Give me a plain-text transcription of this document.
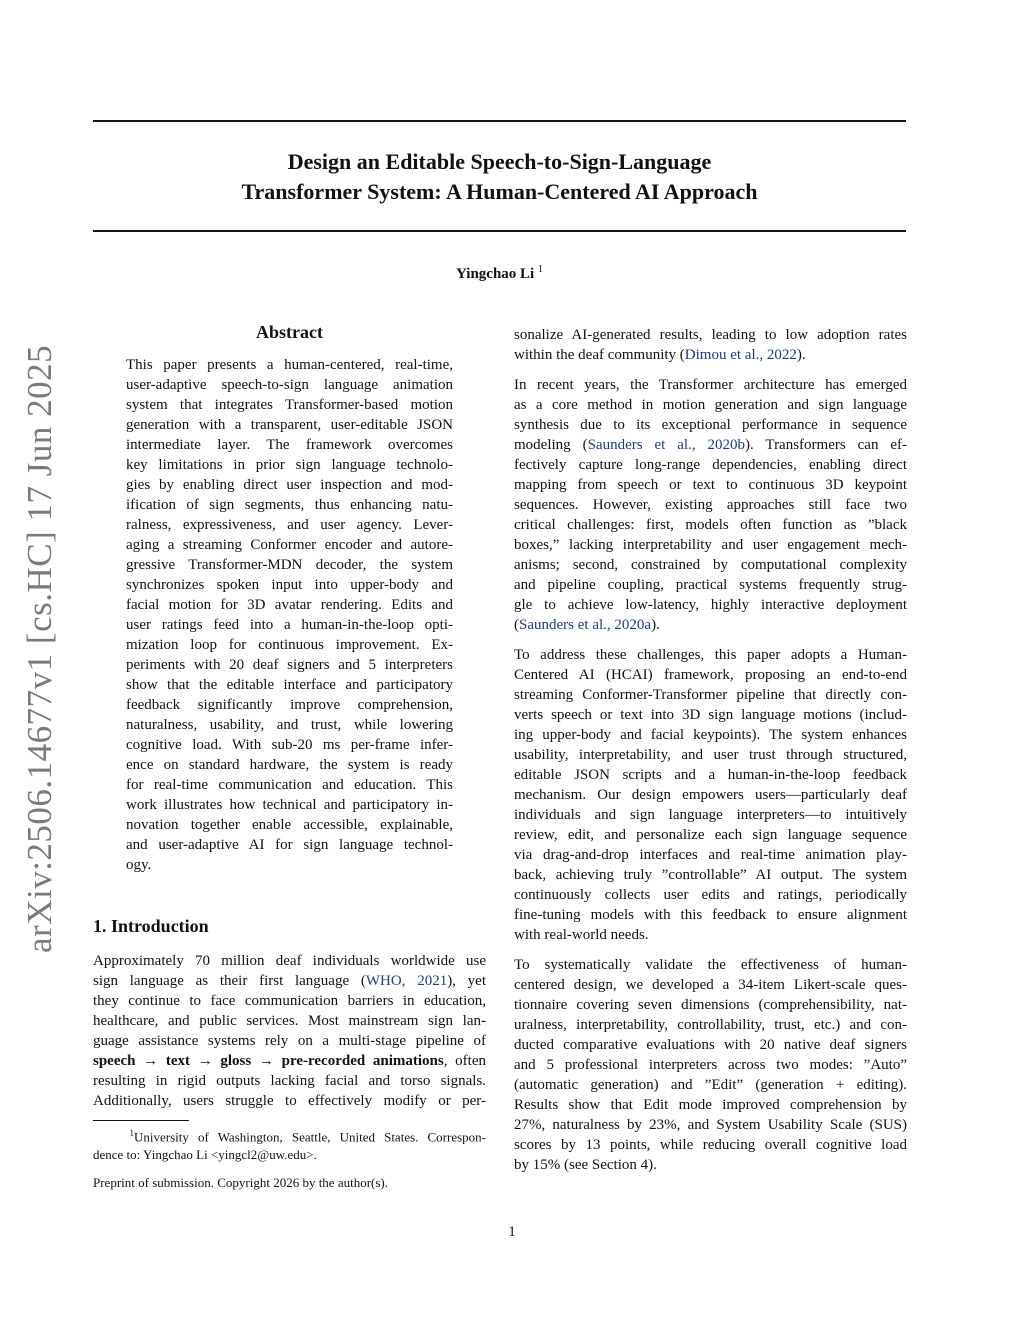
arXiv:2506.14677v1 [cs.HC] 17 Jun 2025
Design an Editable Speech-to-Sign-Language
Transformer System: A Human-Centered AI Approach
Yingchao Li $^1$
Abstract
This paper presents a human-centered, real-time,
user-adaptive speech-to-sign language animation
system that integrates Transformer-based motion
generation with a transparent, user-editable JSON
intermediate layer. The framework overcomes
key limitations in prior sign language technolo-
gies by enabling direct user inspection and mod-
ification of sign segments, thus enhancing natu-
ralness, expressiveness, and user agency. Lever-
aging a streaming Conformer encoder and autore-
gressive Transformer-MDN decoder, the system
synchronizes spoken input into upper-body and
facial motion for 3D avatar rendering. Edits and
user ratings feed into a human-in-the-loop opti-
mization loop for continuous improvement. Ex-
periments with 20 deaf signers and 5 interpreters
show that the editable interface and participatory
feedback significantly improve comprehension,
naturalness, usability, and trust, while lowering
cognitive load. With sub-20 ms per-frame infer-
ence on standard hardware, the system is ready
for real-time communication and education. This
work illustrates how technical and participatory in-
novation together enable accessible, explainable,
and user-adaptive AI for sign language technol-
ogy.
1. Introduction
Approximately 70 million deaf individuals worldwide use
sign language as their first language (WHO, 2021), yet
they continue to face communication barriers in education,
healthcare, and public services. Most mainstream sign lan-
guage assistance systems rely on a multi-stage pipeline of
speech → text → gloss → pre-recorded animations, often
resulting in rigid outputs lacking facial and torso signals.
Additionally, users struggle to effectively modify or per-
$^1$University of Washington, Seattle, United States. Correspon-
dence to: Yingchao Li <yingcl2@uw.edu>.
Preprint of submission. Copyright 2026 by the author(s).
sonalize AI-generated results, leading to low adoption rates
within the deaf community (Dimou et al., 2022).
In recent years, the Transformer architecture has emerged
as a core method in motion generation and sign language
synthesis due to its exceptional performance in sequence
modeling (Saunders et al., 2020b). Transformers can ef-
fectively capture long-range dependencies, enabling direct
mapping from speech or text to continuous 3D keypoint
sequences. However, existing approaches still face two
critical challenges: first, models often function as ”black
boxes,” lacking interpretability and user engagement mech-
anisms; second, constrained by computational complexity
and pipeline coupling, practical systems frequently strug-
gle to achieve low-latency, highly interactive deployment
(Saunders et al., 2020a).
To address these challenges, this paper adopts a Human-
Centered AI (HCAI) framework, proposing an end-to-end
streaming Conformer-Transformer pipeline that directly con-
verts speech or text into 3D sign language motions (includ-
ing upper-body and facial keypoints). The system enhances
usability, interpretability, and user trust through structured,
editable JSON scripts and a human-in-the-loop feedback
mechanism. Our design empowers users—particularly deaf
individuals and sign language interpreters—to intuitively
review, edit, and personalize each sign language sequence
via drag-and-drop interfaces and real-time animation play-
back, achieving truly ”controllable” AI output. The system
continuously collects user edits and ratings, periodically
fine-tuning models with this feedback to ensure alignment
with real-world needs.
To systematically validate the effectiveness of human-
centered design, we developed a 34-item Likert-scale ques-
tionnaire covering seven dimensions (comprehensibility, nat-
uralness, interpretability, controllability, trust, etc.) and con-
ducted comparative evaluations with 20 native deaf signers
and 5 professional interpreters across two modes: ”Auto”
(automatic generation) and ”Edit” (generation + editing).
Results show that Edit mode improved comprehension by
27%, naturalness by 23%, and System Usability Scale (SUS)
scores by 13 points, while reducing overall cognitive load
by 15% (see Section 4).
1
